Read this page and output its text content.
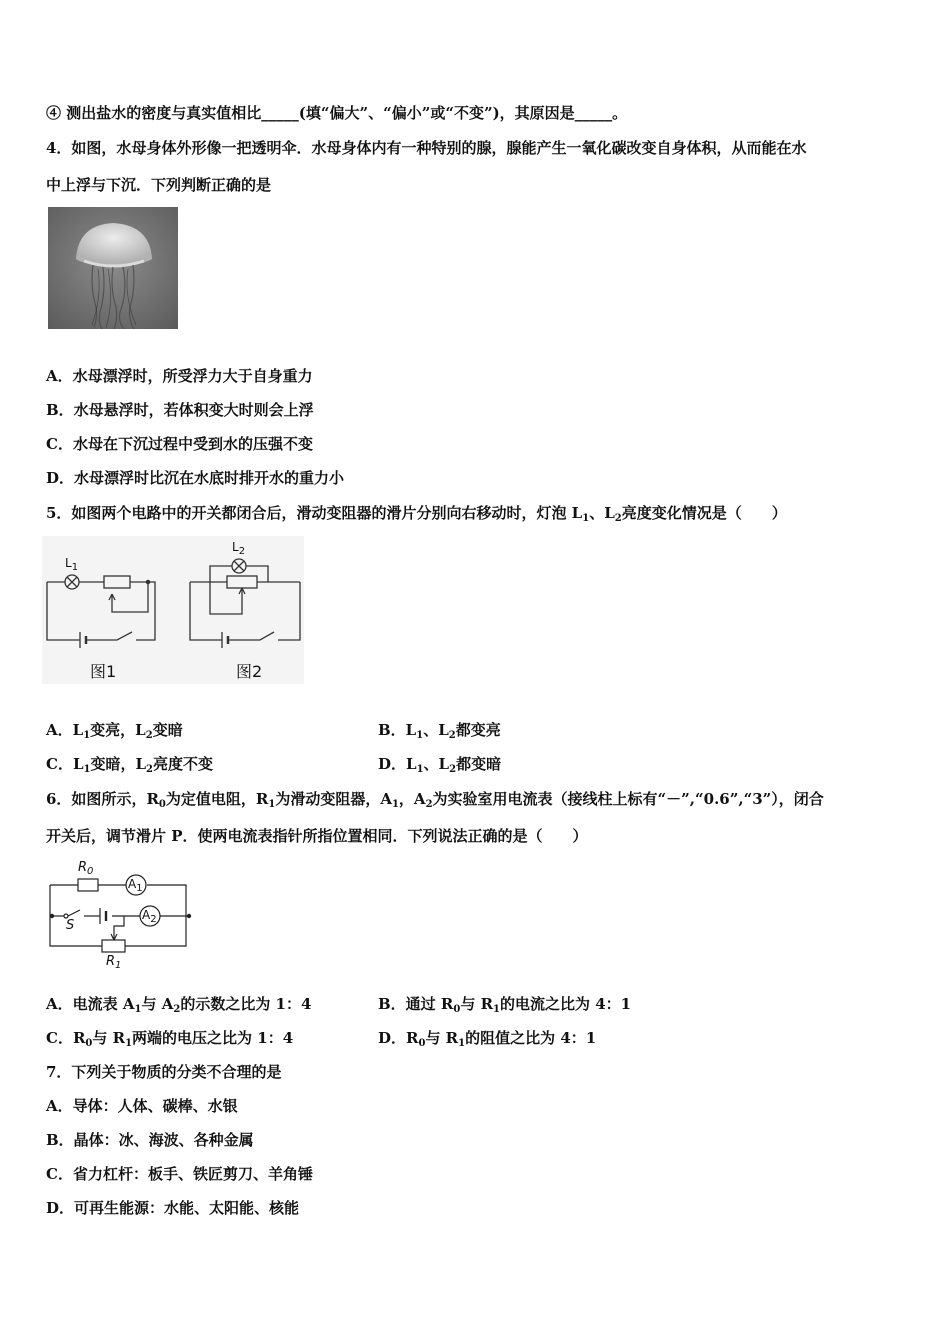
④ 测出盐水的密度与真实值相比_____(填“偏大”、“偏小”或“不变”)，其原因是_____。
4．如图，水母身体外形像一把透明伞．水母身体内有一种特别的腺，腺能产生一氧化碳改变自身体积，从而能在水
中上浮与下沉．下列判断正确的是
A．水母漂浮时，所受浮力大于自身重力
B．水母悬浮时，若体积变大时则会上浮
C．水母在下沉过程中受到水的压强不变
D．水母漂浮时比沉在水底时排开水的重力小
5．如图两个电路中的开关都闭合后，滑动变阻器的滑片分别向右移动时，灯泡 $L_1$、$L_2$亮度变化情况是（　　）
$L_1$
$L_2$
图1	图2
A．$L_1$变亮，$L_2$变暗	B．$L_1$、$L_2$都变亮
C．$L_1$变暗，$L_2$亮度不变	D．$L_1$、$L_2$都变暗
6．如图所示，$R_0$为定值电阻，$R_1$为滑动变阻器，$A_1$，$A_2$为实验室用电流表（接线柱上标有“－”,“0.6”,“3”），闭合
开关后，调节滑片 P．使两电流表指针所指位置相同．下列说法正确的是（　　）
$R_0$
$A_1$
$A_2$
S
$R_1$
A．电流表 $A_1$与 $A_2$的示数之比为 1：4	B．通过 $R_0$与 $R_1$的电流之比为 4：1
C．$R_0$与 $R_1$两端的电压之比为 1：4	D．$R_0$与 $R_1$的阻值之比为 4：1
7．下列关于物质的分类不合理的是
A．导体：人体、碳棒、水银
B．晶体：冰、海波、各种金属
C．省力杠杆：板手、铁匠剪刀、羊角锤
D．可再生能源：水能、太阳能、核能
